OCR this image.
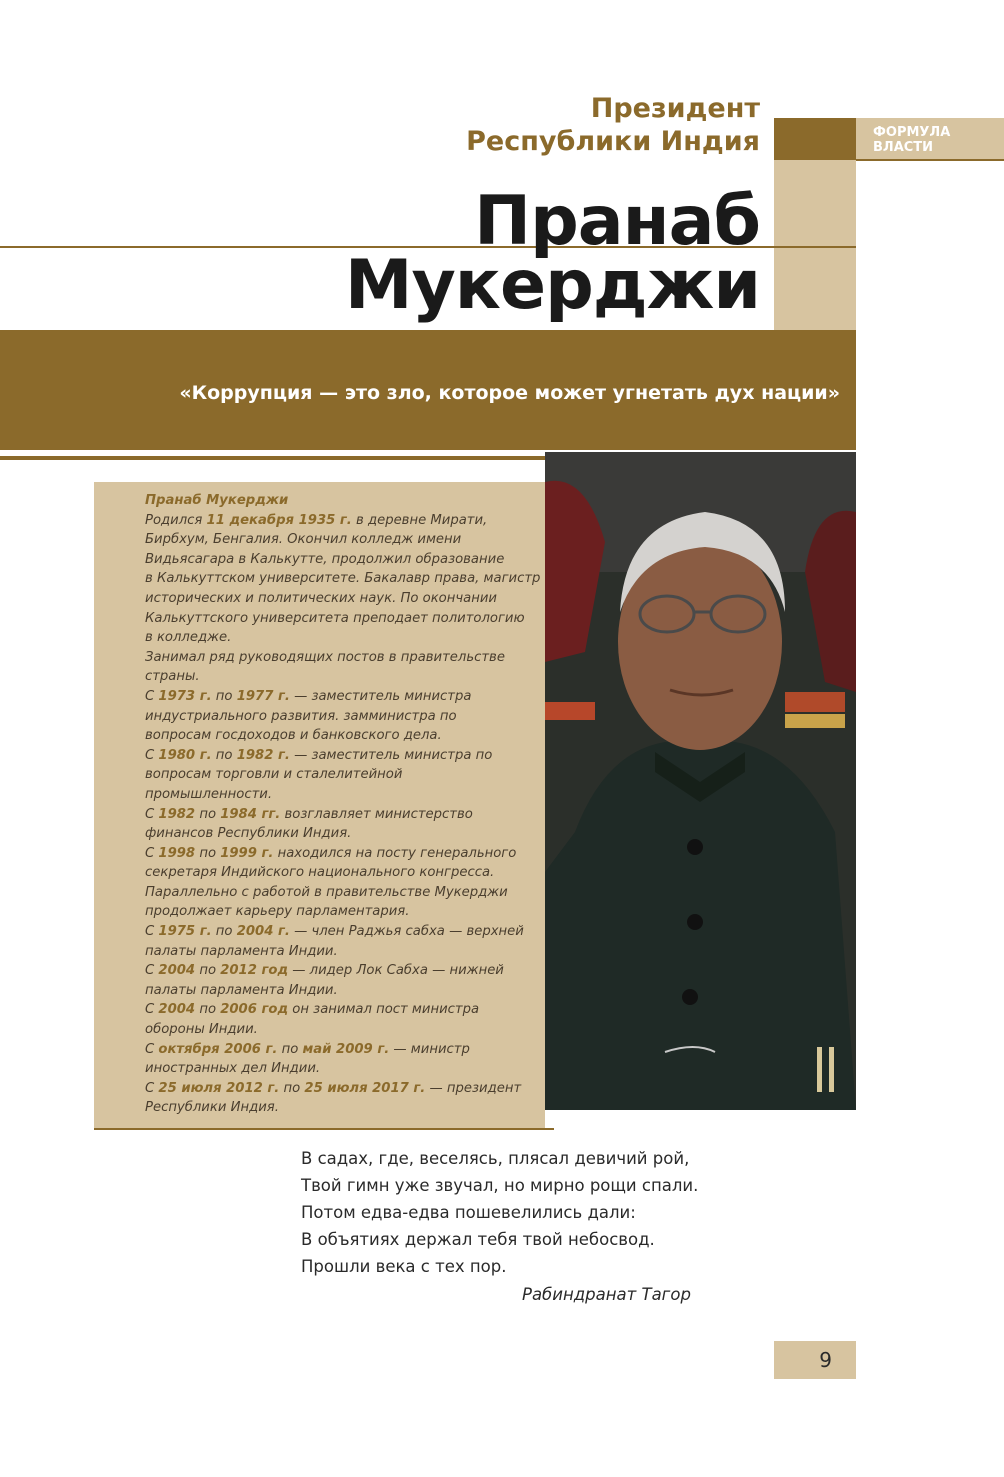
Президент
Республики Индия	ФОРМУЛА
ВЛАСТИ
Пранаб
Мукерджи
«Коррупция — это зло, которое может угнетать дух нации»
Пранаб Мукерджи
Родился 11 декабря 1935 г. в деревне Мирати,
Бирбхум, Бенгалия. Окончил колледж имени
Видьясагара в Калькутте, продолжил образование
в Калькуттском университете. Бакалавр права, магистр
исторических и политических наук. По окончании
Калькуттского университета преподает политологию
в колледже.
Занимал ряд руководящих постов в правительстве
страны.
С 1973 г. по 1977 г. — заместитель министра
индустриального развития. замминистра по
вопросам госдоходов и банковского дела.
С 1980 г. по 1982 г. — заместитель министра по
вопросам торговли и сталелитейной
промышленности.
С 1982 по 1984 гг. возглавляет министерство
финансов Республики Индия.
С 1998 по 1999 г. находился на посту генерального
секретаря Индийского национального конгресса.
Параллельно с работой в правительстве Мукерджи
продолжает карьеру парламентария.
С 1975 г. по 2004 г. — член Раджья сабха — верхней
палаты парламента Индии.
С 2004 по 2012 год — лидер Лок Сабха — нижней
палаты парламента Индии.
С 2004 по 2006 год он занимал пост министра
обороны Индии.
С октября 2006 г. по май 2009 г. — министр
иностранных дел Индии.
С 25 июля 2012 г. по 25 июля 2017 г. — президент
Республики Индия.
В садах, где, веселясь, плясал девичий рой,
Твой гимн уже звучал, но мирно рощи спали.
Потом едва-едва пошевелились дали:
В объятиях держал тебя твой небосвод.
Прошли века с тех пор.
Рабиндранат Тагор
9
